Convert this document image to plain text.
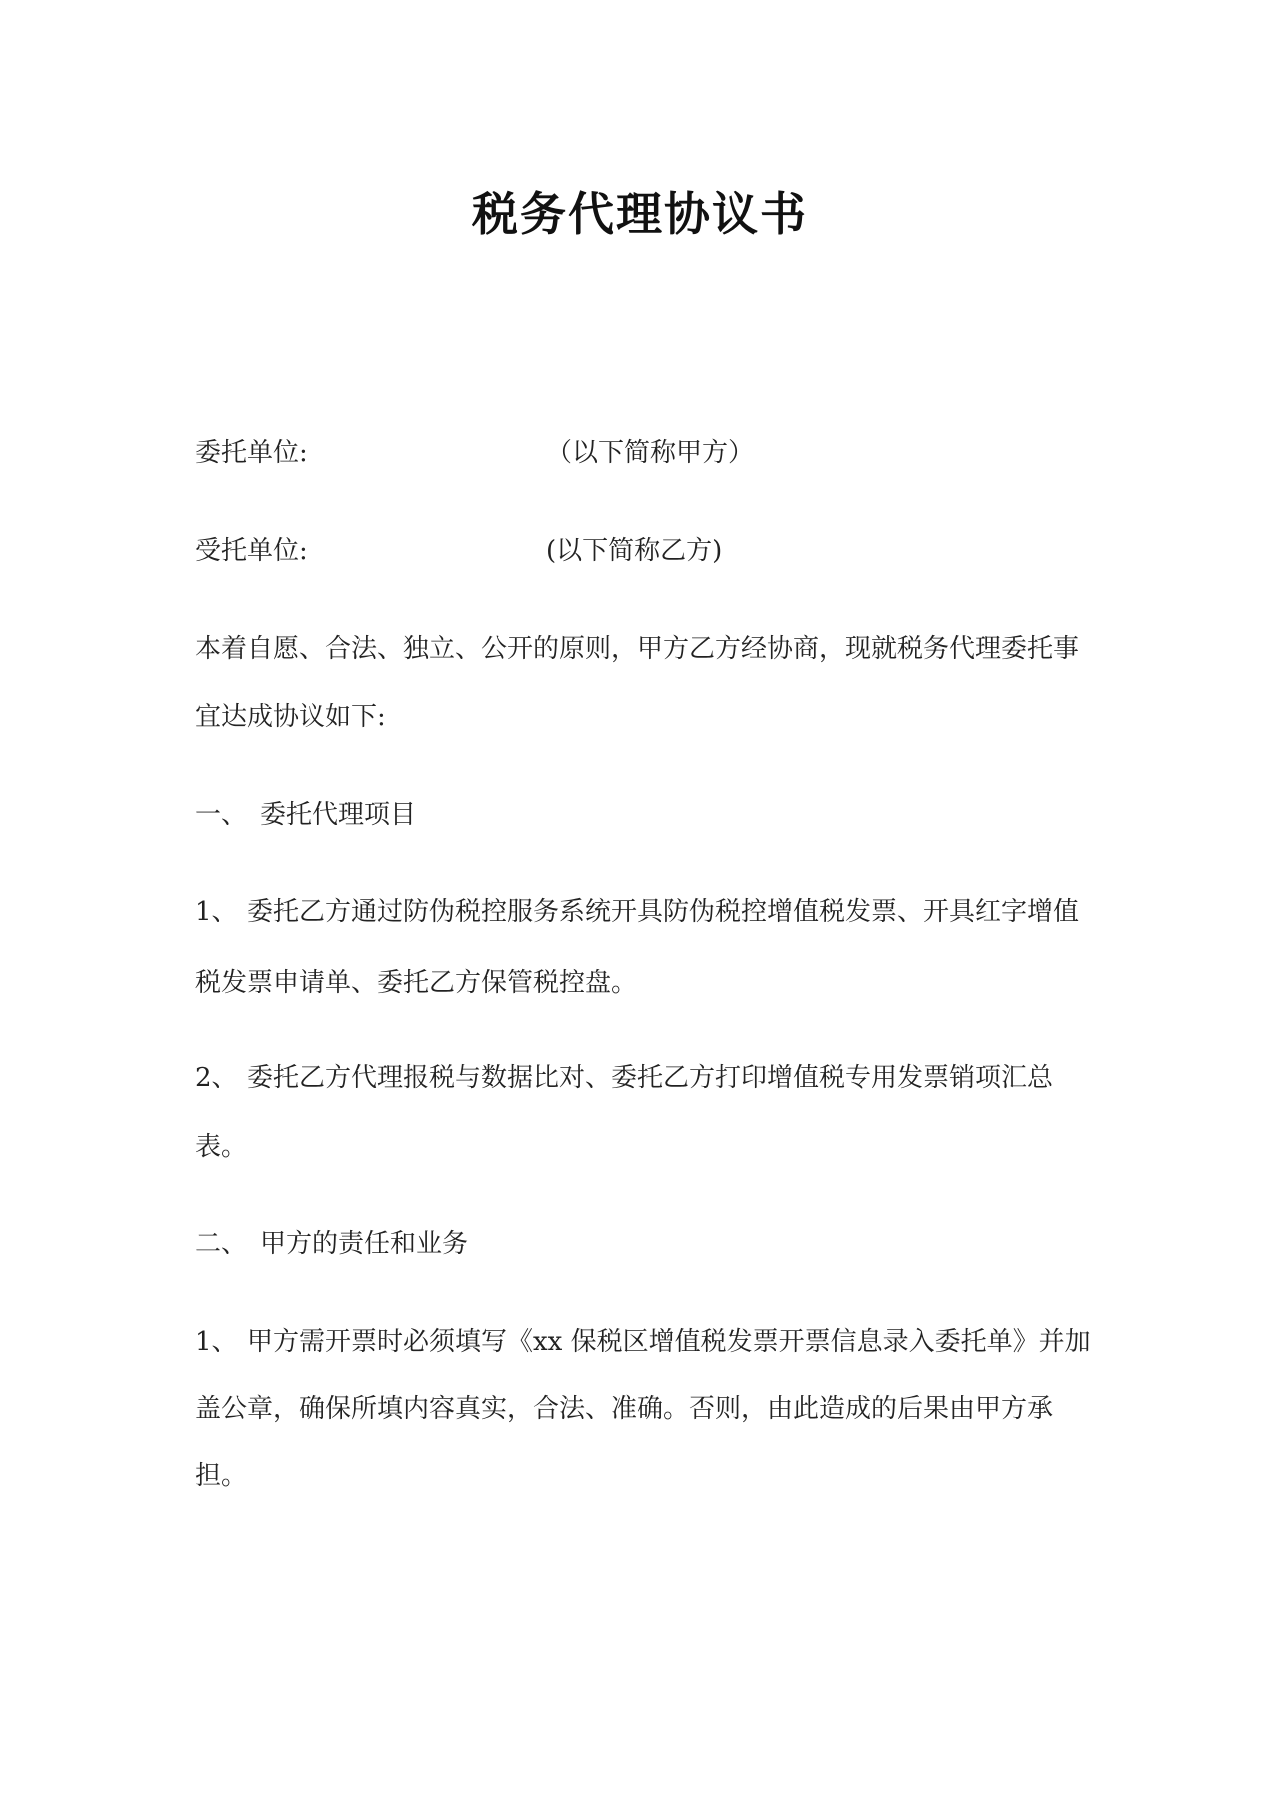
税务代理协议书
委托单位:	（以下简称甲方）
受托单位:	(以下简称乙方)
本着自愿、合法、独立、公开的原则，甲方乙方经协商，现就税务代理委托事
宜达成协议如下:
一、 委托代理项目
1、 委托乙方通过防伪税控服务系统开具防伪税控增值税发票、开具红字增值
税发票申请单、委托乙方保管税控盘。
2、 委托乙方代理报税与数据比对、委托乙方打印增值税专用发票销项汇总
表。
二、 甲方的责任和业务
1、 甲方需开票时必须填写《xx 保税区增值税发票开票信息录入委托单》并加
盖公章，确保所填内容真实，合法、准确。否则，由此造成的后果由甲方承
担。
